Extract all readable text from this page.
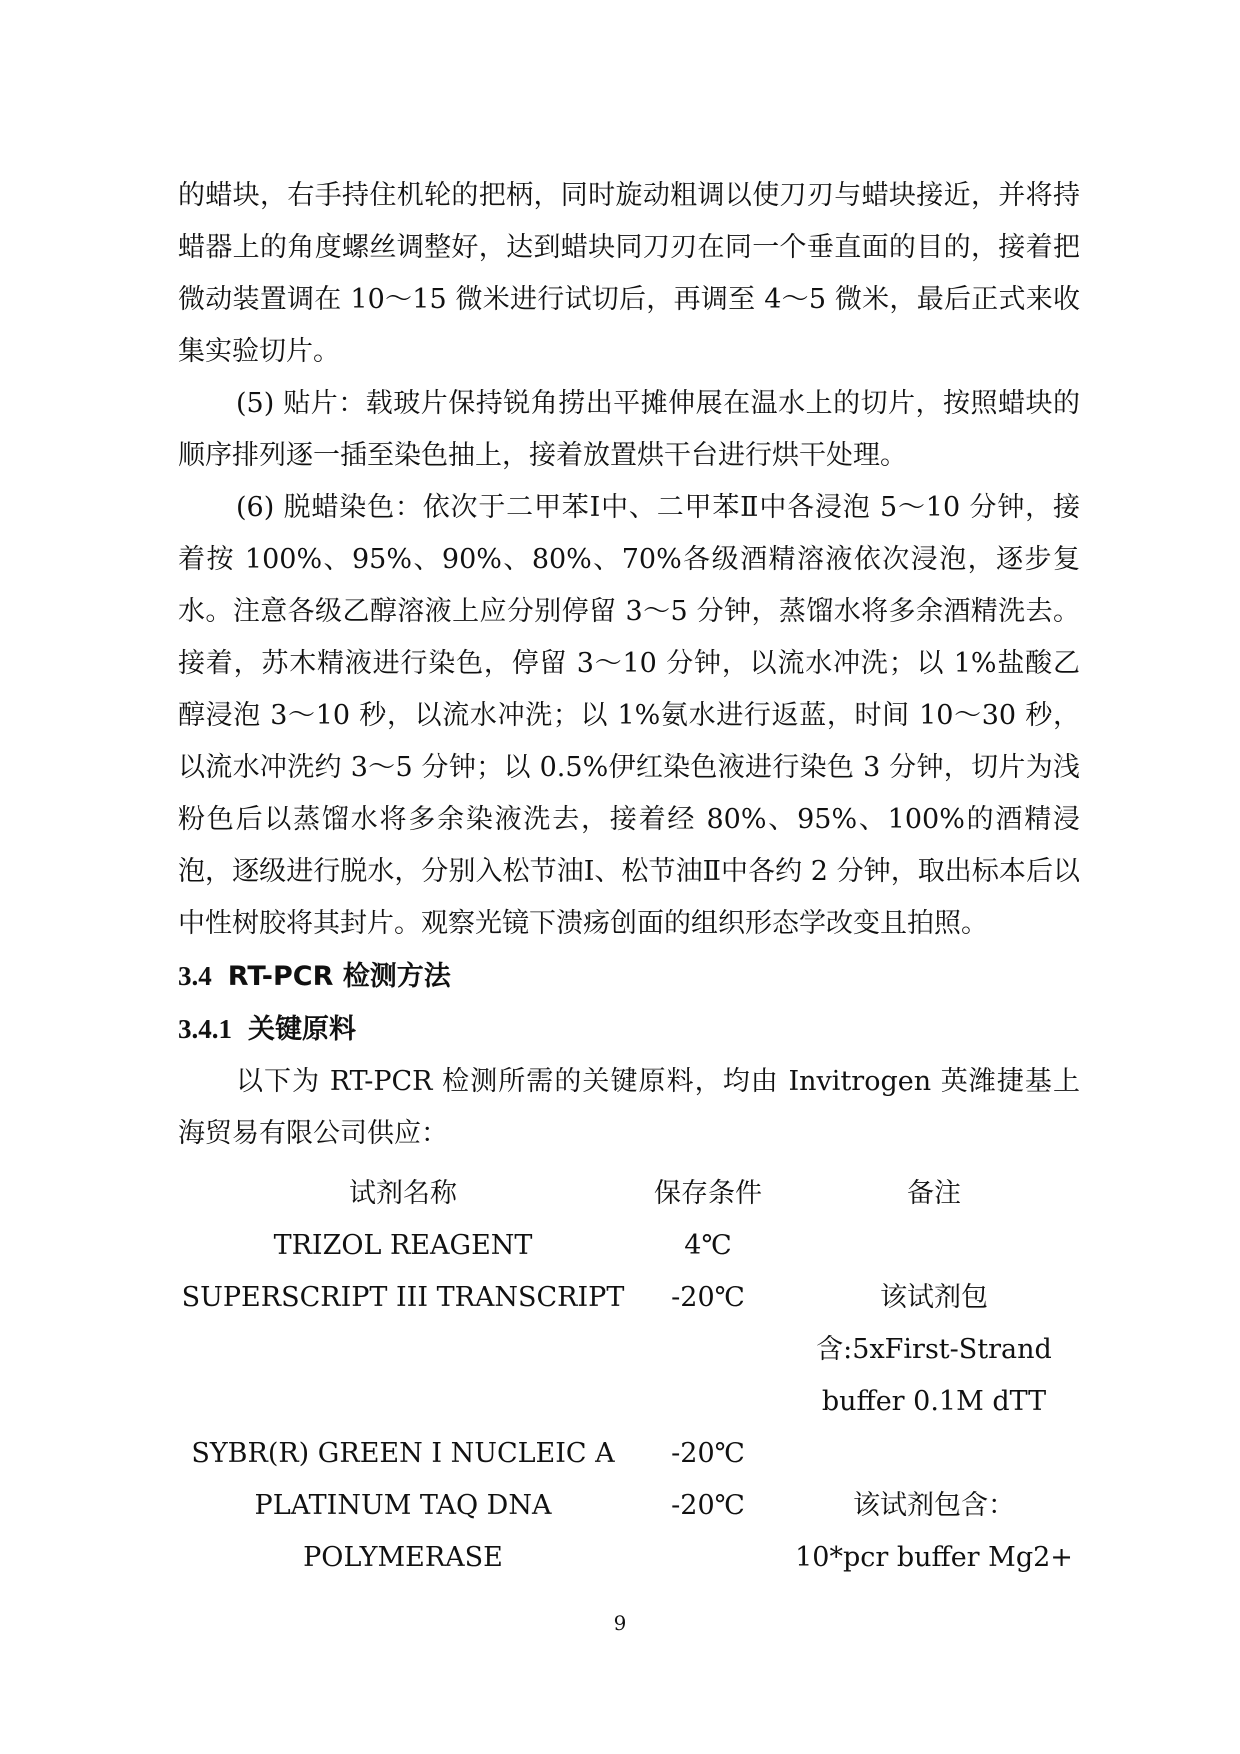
的蜡块，右手持住机轮的把柄，同时旋动粗调以使刀刃与蜡块接近，并将持蜡器上的角度螺丝调整好，达到蜡块同刀刃在同一个垂直面的目的，接着把微动装置调在 10～15 微米进行试切后，再调至 4～5 微米，最后正式来收集实验切片。

(5) 贴片：载玻片保持锐角捞出平摊伸展在温水上的切片，按照蜡块的顺序排列逐一插至染色抽上，接着放置烘干台进行烘干处理。

(6) 脱蜡染色：依次于二甲苯Ⅰ中、二甲苯Ⅱ中各浸泡 5～10 分钟，接着按 100%、95%、90%、80%、70%各级酒精溶液依次浸泡，逐步复水。注意各级乙醇溶液上应分别停留 3～5 分钟，蒸馏水将多余酒精洗去。接着，苏木精液进行染色，停留 3～10 分钟，以流水冲洗；以 1%盐酸乙醇浸泡 3～10 秒，以流水冲洗；以 1%氨水进行返蓝，时间 10～30 秒，以流水冲洗约 3～5 分钟；以 0.5%伊红染色液进行染色 3 分钟，切片为浅粉色后以蒸馏水将多余染液洗去，接着经 80%、95%、100%的酒精浸泡，逐级进行脱水，分别入松节油Ⅰ、松节油Ⅱ中各约 2 分钟，取出标本后以中性树胶将其封片。观察光镜下溃疡创面的组织形态学改变且拍照。

3.4 RT-PCR 检测方法
3.4.1 关键原料

以下为 RT-PCR 检测所需的关键原料，均由 Invitrogen 英潍捷基上海贸易有限公司供应：

试剂名称	保存条件	备注
TRIZOL REAGENT	4℃	
SUPERSCRIPT III TRANSCRIPT	-20℃	该试剂包
		含:5xFirst-Strand
		buffer 0.1M dTT
SYBR(R) GREEN I NUCLEIC A	-20℃	
PLATINUM TAQ DNA	-20℃	该试剂包含：
POLYMERASE		10*pcr buffer Mg2+
9
